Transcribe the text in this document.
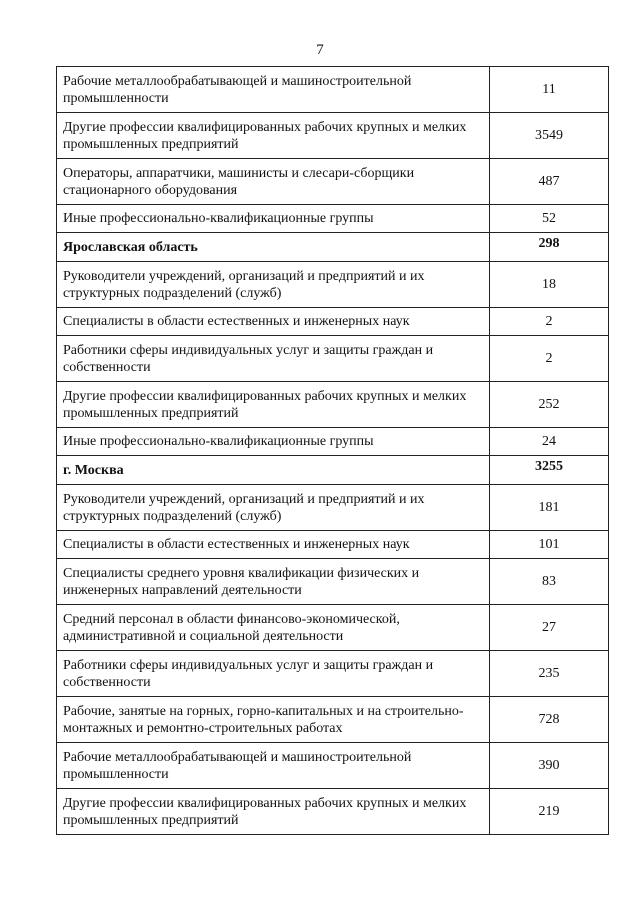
7
Рабочие металлообрабатывающей и машиностроительной промышленности	11
Другие профессии квалифицированных рабочих крупных и мелких промышленных предприятий	3549
Операторы, аппаратчики, машинисты и слесари-сборщики стационарного оборудования	487
Иные профессионально-квалификационные группы	52
Ярославская область	298
Руководители учреждений, организаций и предприятий и их структурных подразделений (служб)	18
Специалисты в области естественных и инженерных наук	2
Работники сферы индивидуальных услуг и защиты граждан и собственности	2
Другие профессии квалифицированных рабочих крупных и мелких промышленных предприятий	252
Иные профессионально-квалификационные группы	24
г. Москва	3255
Руководители учреждений, организаций и предприятий и их структурных подразделений (служб)	181
Специалисты в области естественных и инженерных наук	101
Специалисты среднего уровня квалификации физических и инженерных направлений деятельности	83
Средний персонал в области финансово-экономической, административной и социальной деятельности	27
Работники сферы индивидуальных услуг и защиты граждан и собственности	235
Рабочие, занятые на горных, горно-капитальных и на строительно-монтажных и ремонтно-строительных работах	728
Рабочие металлообрабатывающей и машиностроительной промышленности	390
Другие профессии квалифицированных рабочих крупных и мелких промышленных предприятий	219
